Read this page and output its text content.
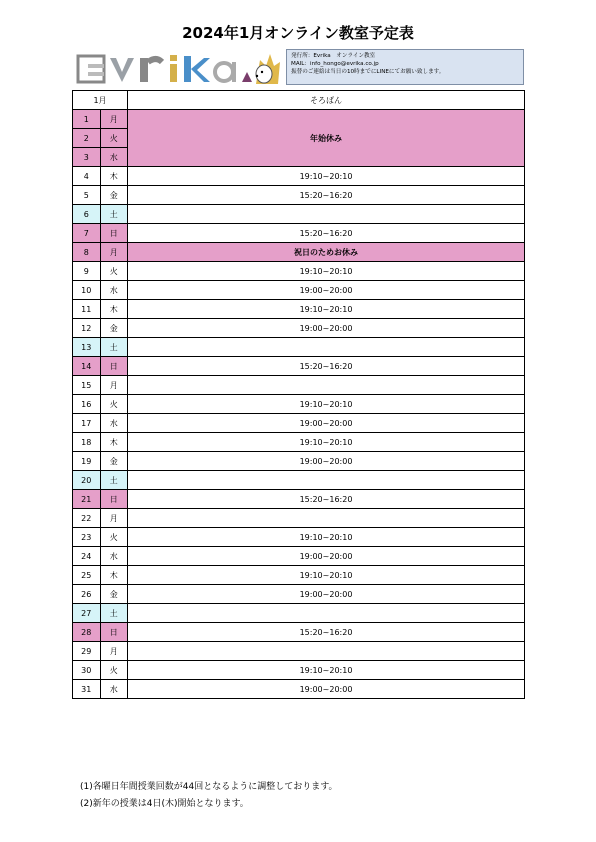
2024年1月オンライン教室予定表
発行所：Evrika　オンライン教室
MAIL：info_hongo@evrika.co.jp
振替のご連絡は当日の10時までにLINEにてお願い致します。
1月		そろばん
1	月	年始休み
2	火	
3	水	
4	木	19:10~20:10
5	金	15:20~16:20
6	土	
7	日	15:20~16:20
8	月	祝日のためお休み
9	火	19:10~20:10
10	水	19:00~20:00
11	木	19:10~20:10
12	金	19:00~20:00
13	土	
14	日	15:20~16:20
15	月	
16	火	19:10~20:10
17	水	19:00~20:00
18	木	19:10~20:10
19	金	19:00~20:00
20	土	
21	日	15:20~16:20
22	月	
23	火	19:10~20:10
24	水	19:00~20:00
25	木	19:10~20:10
26	金	19:00~20:00
27	土	
28	日	15:20~16:20
29	月	
30	火	19:10~20:10
31	水	19:00~20:00
(1)各曜日年間授業回数が44回となるように調整しております。
(2)新年の授業は4日(木)開始となります。
